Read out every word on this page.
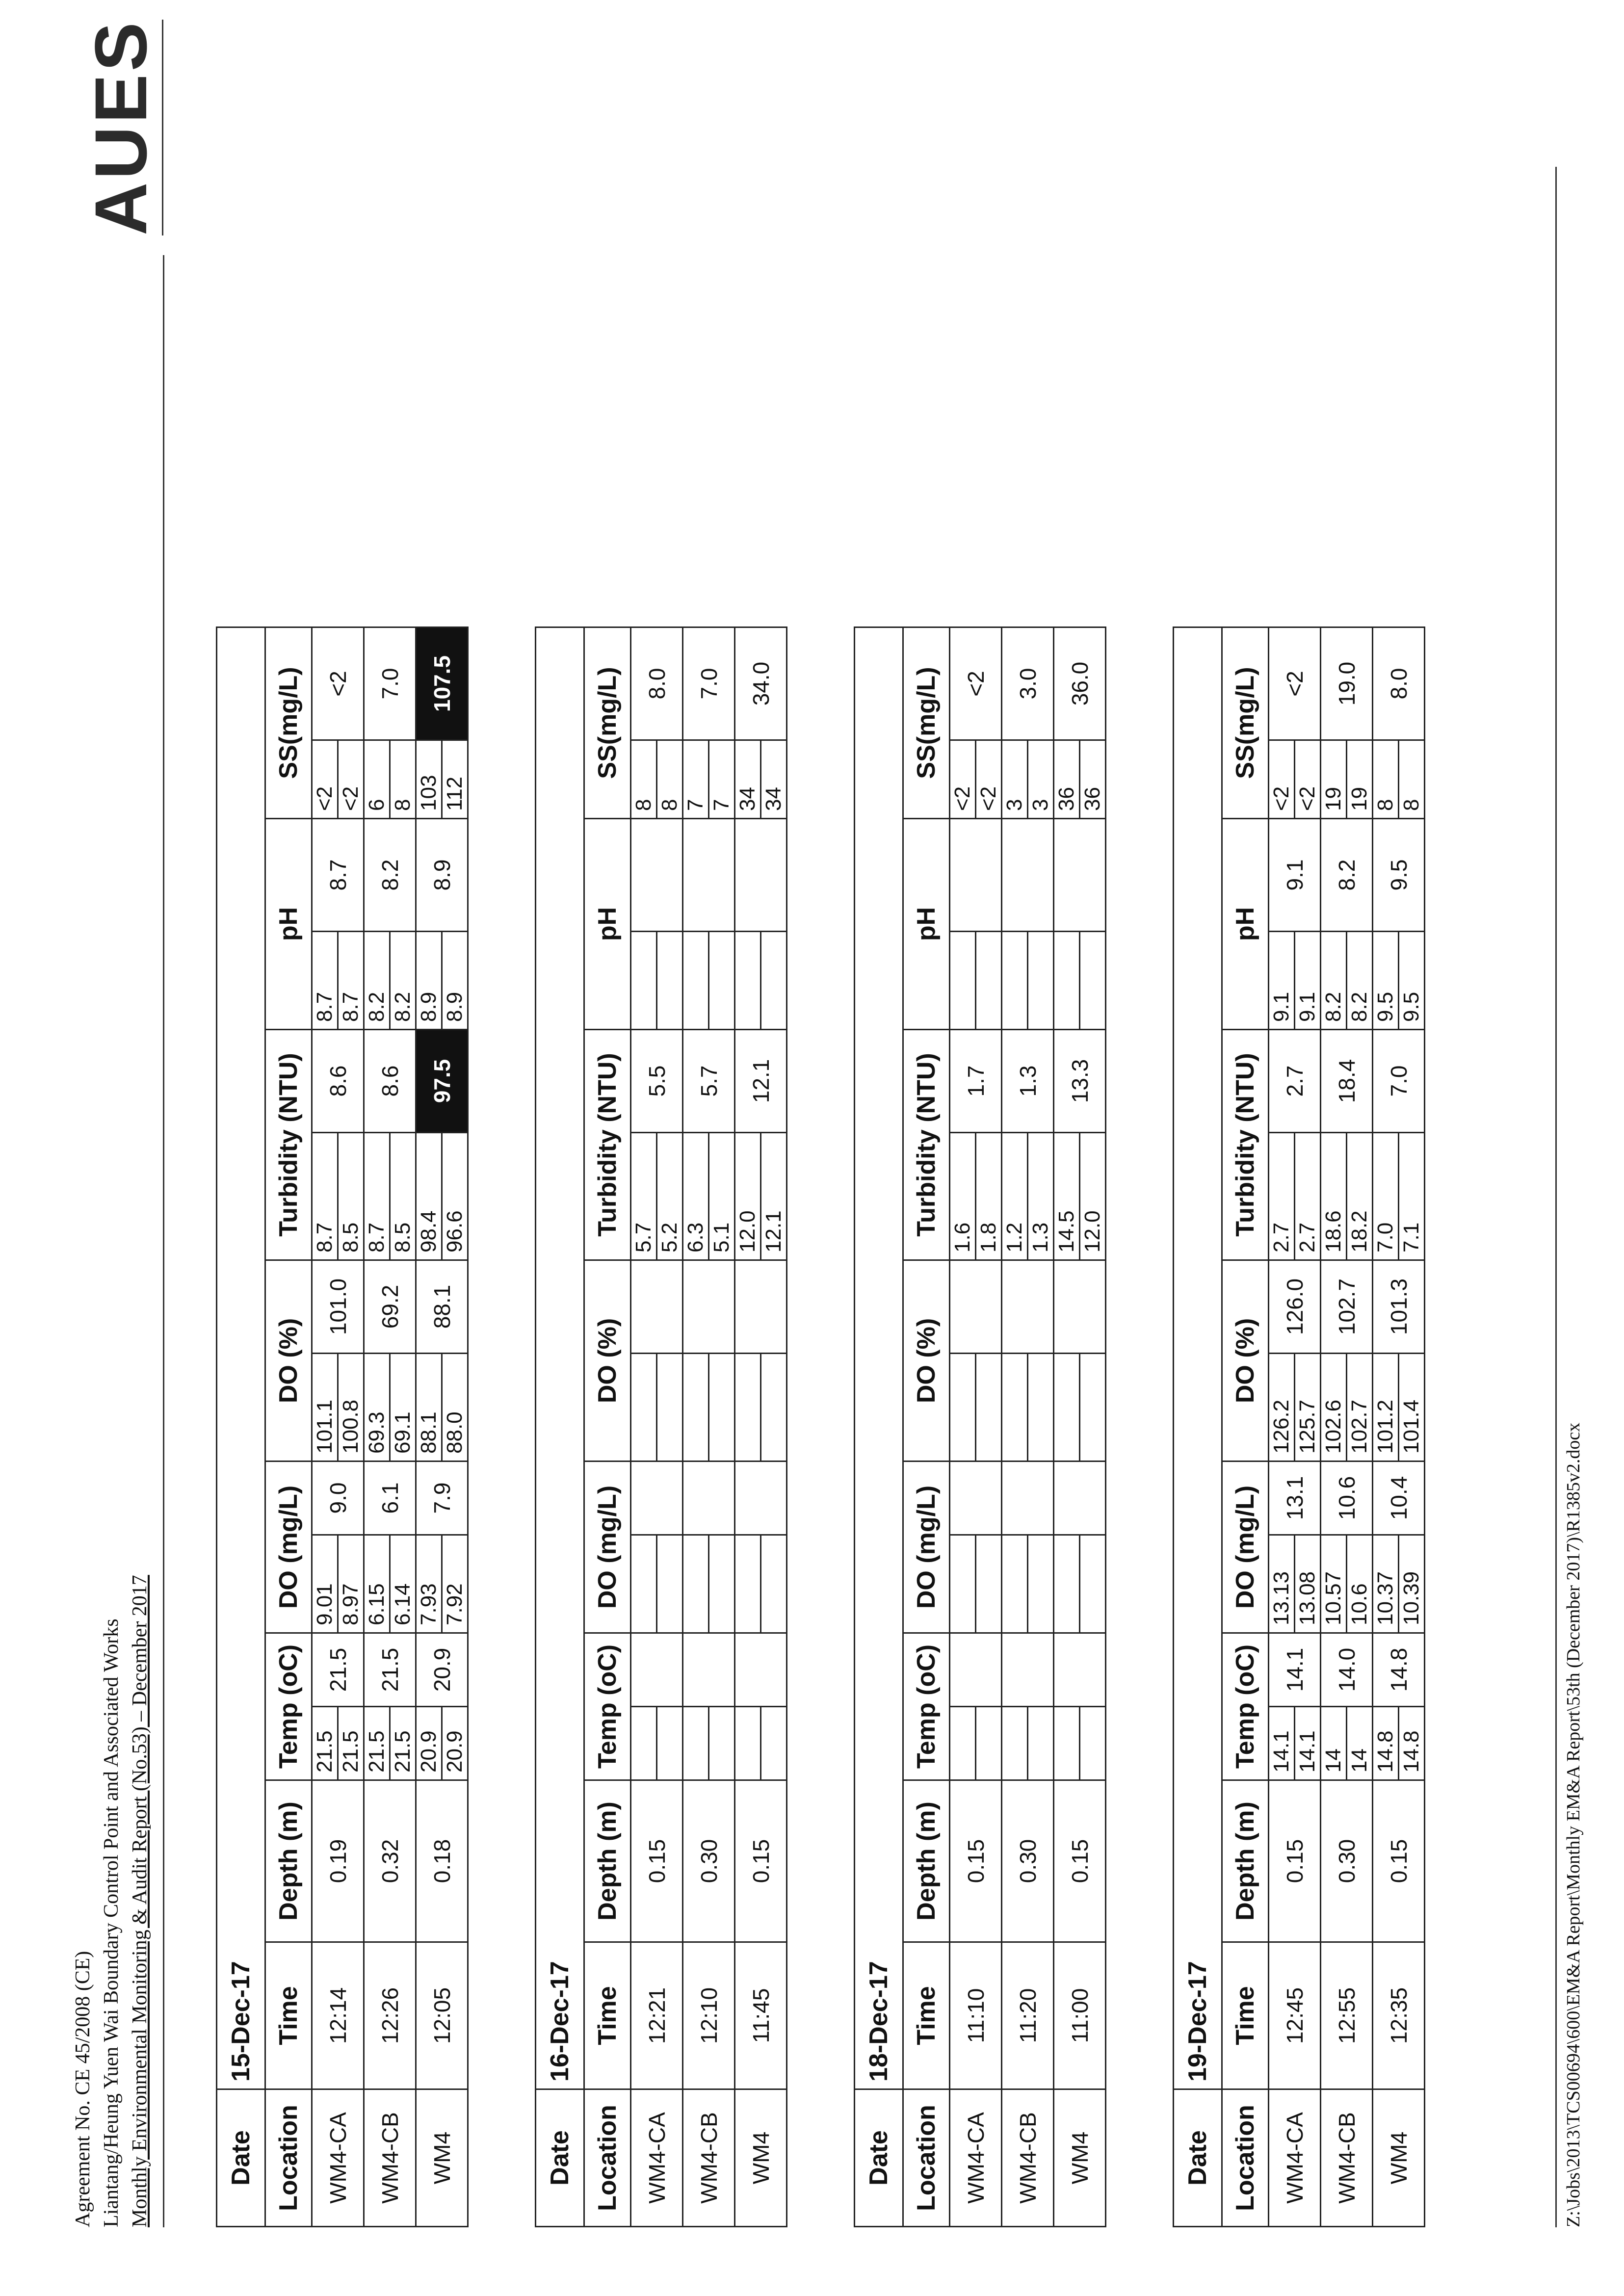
Agreement No. CE 45/2008 (CE) Liantang/Heung Yuen Wai Boundary Control Point and Associated Works Monthly Environmental Monitoring & Audit Report (No.53) – December 2017
AUES
Date	15-Dec-17													
Location	Time	Depth (m)	Temp (oC)		DO (mg/L)		DO (%)		Turbidity (NTU)		pH		SS(mg/L)	
WM4-CA	12:14	0.19	21.5	21.5	9.01	9.0	101.1	101.0	8.7	8.6	8.7	8.7	<2	<2
			21.5		8.97		100.8		8.5		8.7		<2	
WM4-CB	12:26	0.32	21.5	21.5	6.15	6.1	69.3	69.2	8.7	8.6	8.2	8.2	6	7.0
			21.5		6.14		69.1		8.5		8.2		8	
WM4	12:05	0.18	20.9	20.9	7.93	7.9	88.1	88.1	98.4	97.5	8.9	8.9	103	107.5
			20.9		7.92		88.0		96.6		8.9		112	
Date	16-Dec-17													
Location	Time	Depth (m)	Temp (oC)		DO (mg/L)		DO (%)		Turbidity (NTU)		pH		SS(mg/L)	
WM4-CA	12:21	0.15							5.7	5.5			8	8.0
									5.2				8	
WM4-CB	12:10	0.30							6.3	5.7			7	7.0
									5.1				7	
WM4	11:45	0.15							12.0	12.1			34	34.0
									12.1				34	
Date	18-Dec-17													
Location	Time	Depth (m)	Temp (oC)		DO (mg/L)		DO (%)		Turbidity (NTU)		pH		SS(mg/L)	
WM4-CA	11:10	0.15							1.6	1.7			<2	<2
									1.8				<2	
WM4-CB	11:20	0.30							1.2	1.3			3	3.0
									1.3				3	
WM4	11:00	0.15							14.5	13.3			36	36.0
									12.0				36	
Date	19-Dec-17													
Location	Time	Depth (m)	Temp (oC)		DO (mg/L)		DO (%)		Turbidity (NTU)		pH		SS(mg/L)	
WM4-CA	12:45	0.15	14.1	14.1	13.13	13.1	126.2	126.0	2.7	2.7	9.1	9.1	<2	<2
			14.1		13.08		125.7		2.7		9.1		<2	
WM4-CB	12:55	0.30	14	14.0	10.57	10.6	102.6	102.7	18.6	18.4	8.2	8.2	19	19.0
			14		10.6		102.7		18.2		8.2		19	
WM4	12:35	0.15	14.8	14.8	10.37	10.4	101.2	101.3	7.0	7.0	9.5	9.5	8	8.0
			14.8		10.39		101.4		7.1		9.5		8	
Z:\Jobs\2013\TCS00694\600\EM&A Report\Monthly EM&A Report\53th (December 2017)\R1385v2.docx
